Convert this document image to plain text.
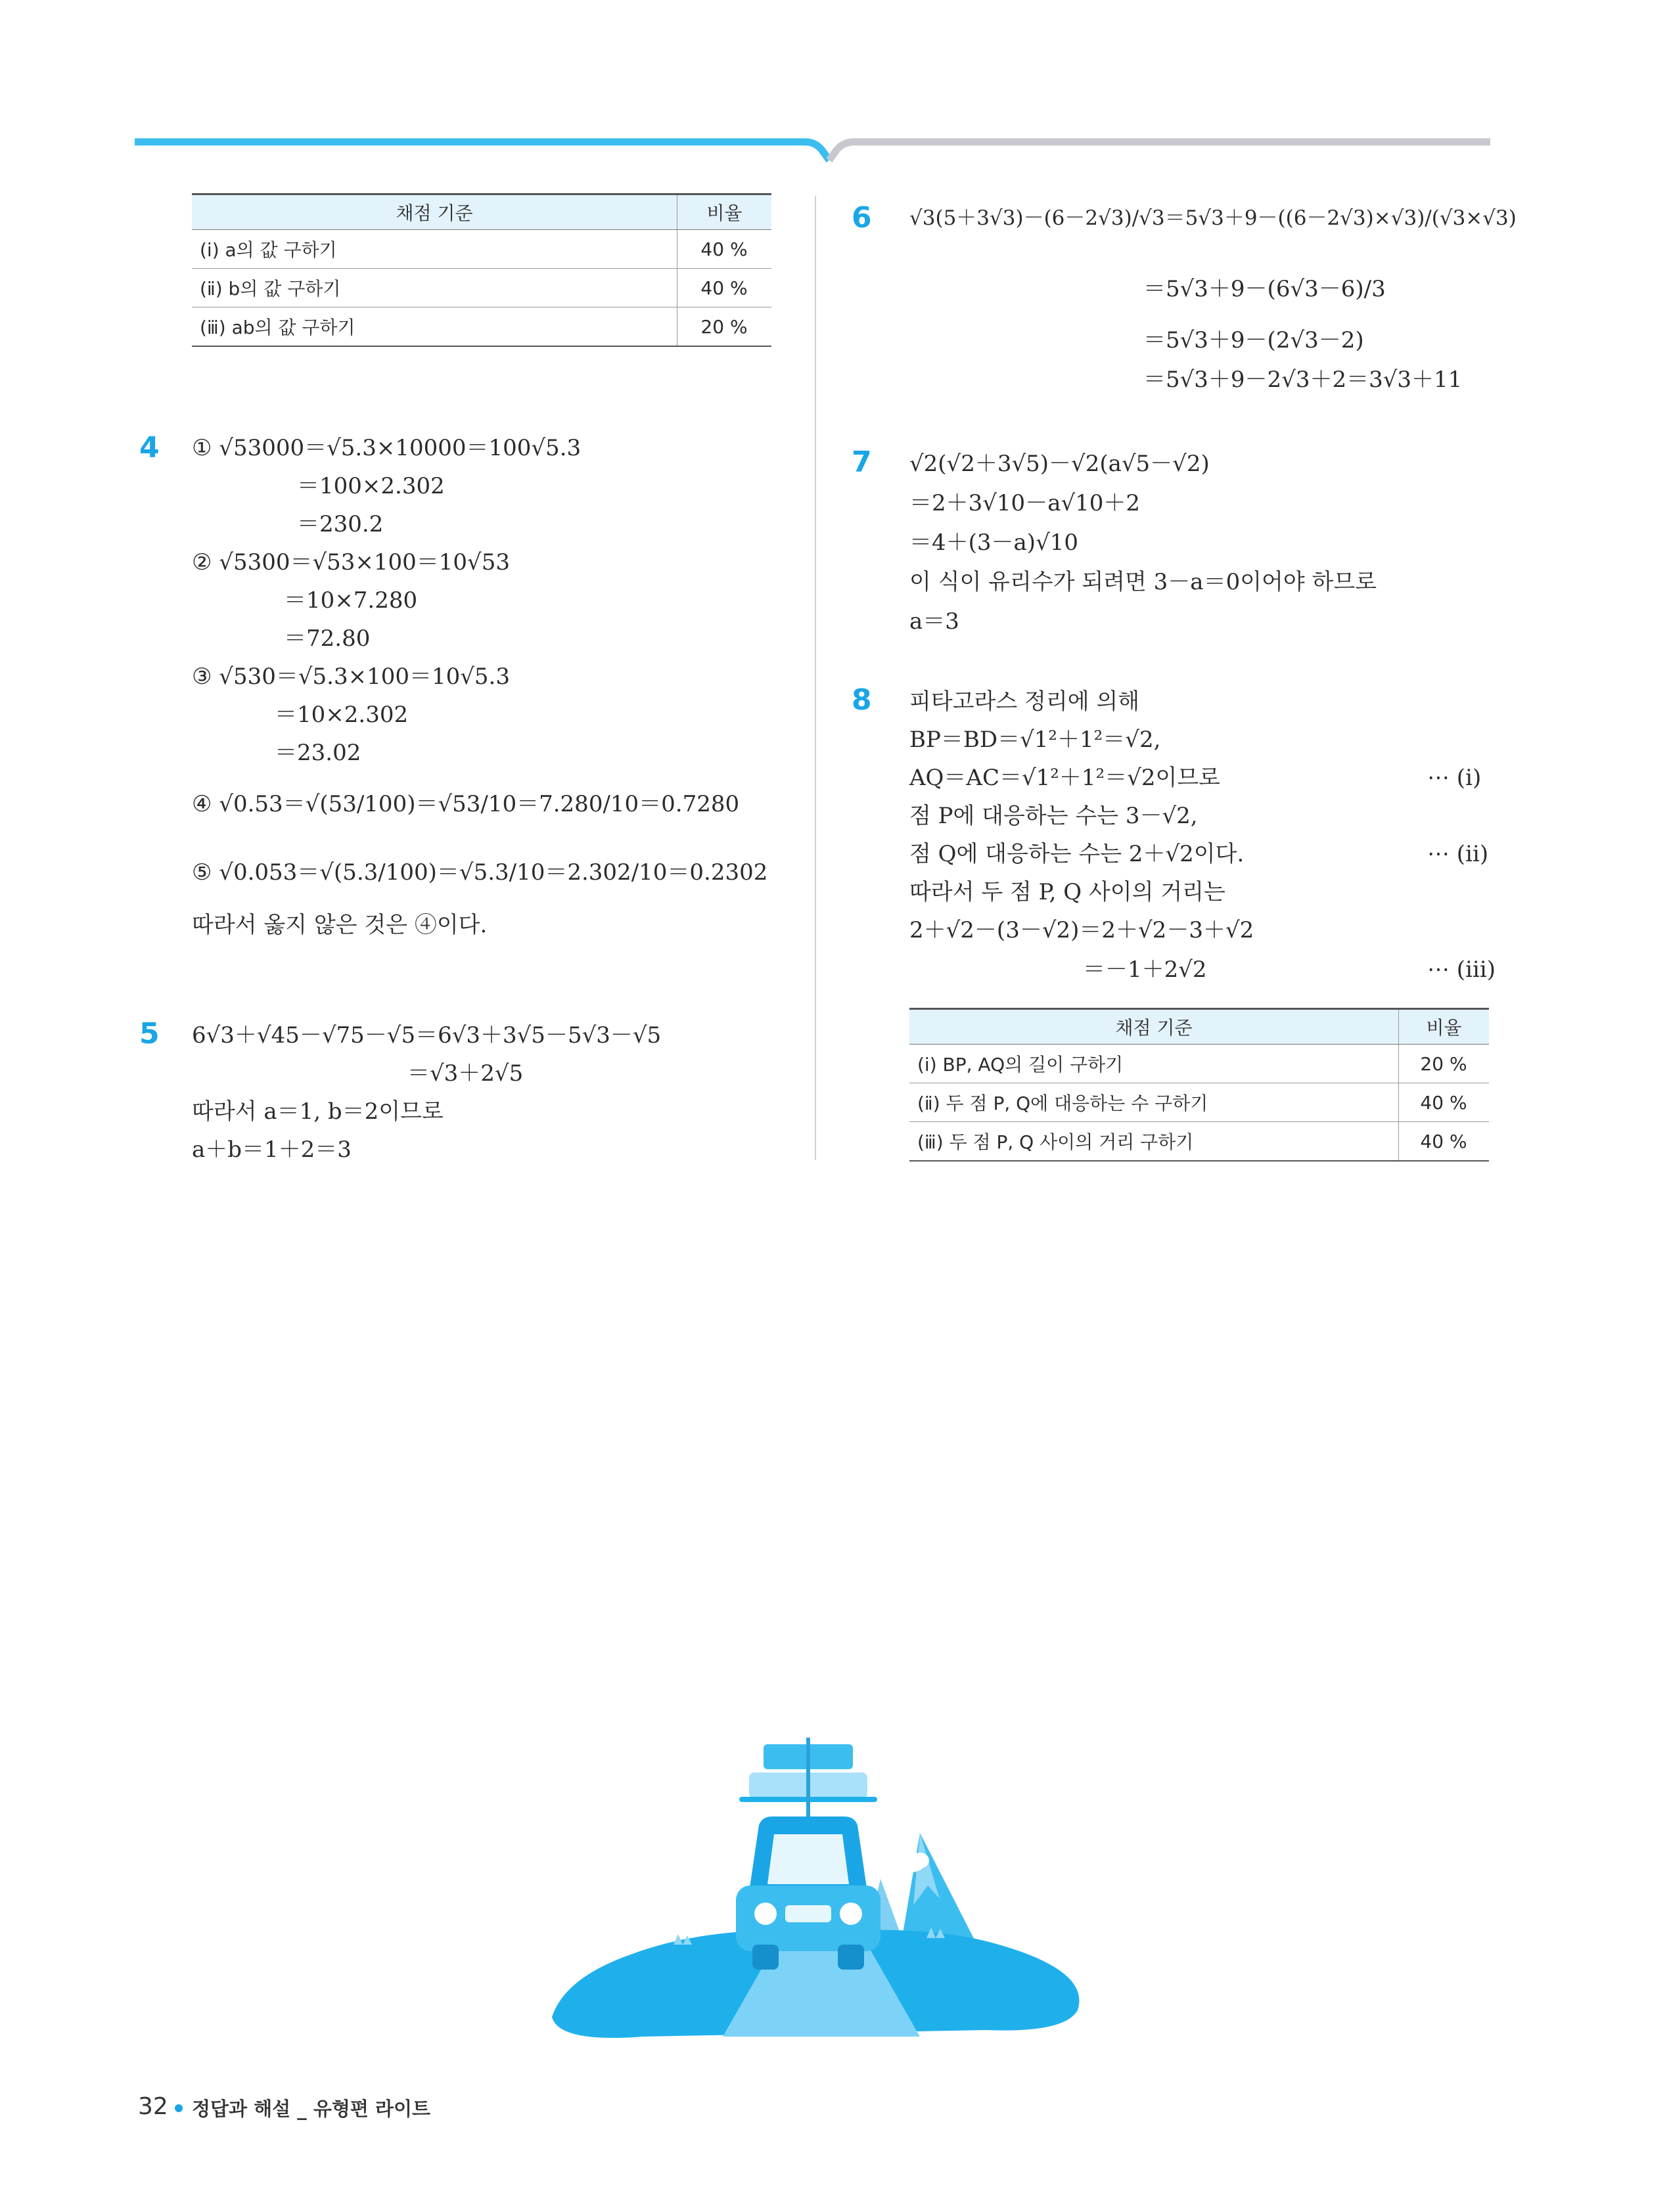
채점 기준	비율
(ⅰ) a의 값 구하기	40 %
(ⅱ) b의 값 구하기	40 %
(ⅲ) ab의 값 구하기	20 %
4 ① √53000＝√5.3×10000＝100√5.3
＝100×2.302
＝230.2
② √5300＝√53×100＝10√53
＝10×7.280
＝72.80
③ √530＝√5.3×100＝10√5.3
＝10×2.302
＝23.02
④ √0.53＝√(53/100)＝√53/10＝7.280/10＝0.7280
⑤ √0.053＝√(5.3/100)＝√5.3/10＝2.302/10＝0.2302
따라서 옳지 않은 것은 ④이다.
5 6√3＋√45－√75－√5＝6√3＋3√5－5√3－√5
＝√3＋2√5
따라서 a＝1, b＝2이므로
a＋b＝1＋2＝3
6 √3(5＋3√3)－(6－2√3)/√3＝5√3＋9－((6－2√3)×√3)/(√3×√3)
＝5√3＋9－(6√3－6)/3
＝5√3＋9－(2√3－2)
＝5√3＋9－2√3＋2＝3√3＋11
7 √2(√2＋3√5)－√2(a√5－√2)
＝2＋3√10－a√10＋2
＝4＋(3－a)√10
이 식이 유리수가 되려면 3－a＝0이어야 하므로
a＝3
8 피타고라스 정리에 의해
BP＝BD＝√1²＋1²＝√2,
AQ＝AC＝√1²＋1²＝√2이므로	⋯ (ⅰ)
점 P에 대응하는 수는 3－√2,
점 Q에 대응하는 수는 2＋√2이다.	⋯ (ⅱ)
따라서 두 점 P, Q 사이의 거리는
2＋√2－(3－√2)＝2＋√2－3＋√2
＝－1＋2√2	⋯ (ⅲ)
채점 기준	비율
(ⅰ) BP, AQ의 길이 구하기	20 %
(ⅱ) 두 점 P, Q에 대응하는 수 구하기	40 %
(ⅲ) 두 점 P, Q 사이의 거리 구하기	40 %
+ +
+
32 정답과 해설 _ 유형편 라이트
